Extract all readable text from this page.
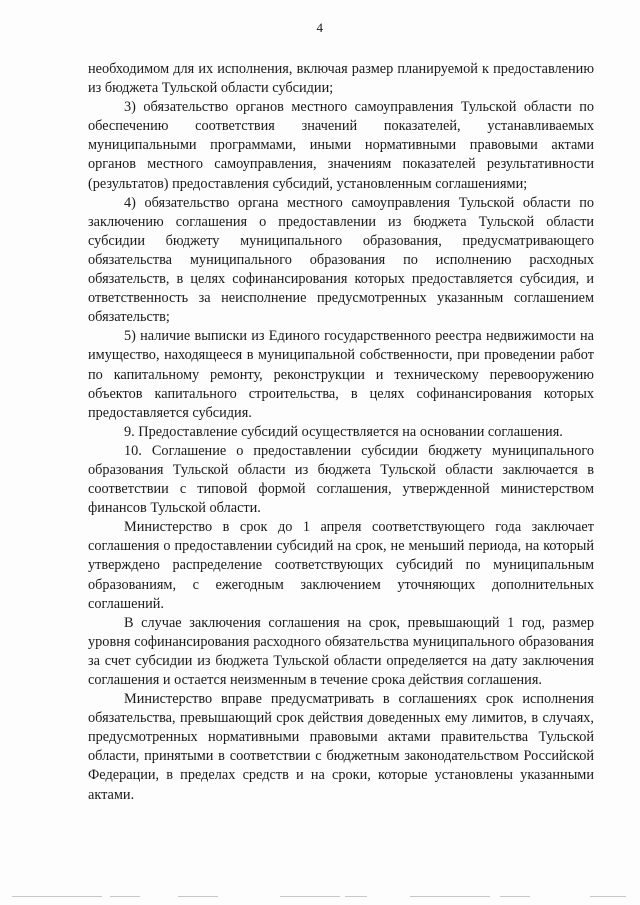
4

необходимом для их исполнения, включая размер планируемой к предоставлению из бюджета Тульской области субсидии;

3) обязательство органов местного самоуправления Тульской области по обеспечению соответствия значений показателей, устанавливаемых муниципальными программами, иными нормативными правовыми актами органов местного самоуправления, значениям показателей результативности (результатов) предоставления субсидий, установленным соглашениями;

4) обязательство органа местного самоуправления Тульской области по заключению соглашения о предоставлении из бюджета Тульской области субсидии бюджету муниципального образования, предусматривающего обязательства муниципального образования по исполнению расходных обязательств, в целях софинансирования которых предоставляется субсидия, и ответственность за неисполнение предусмотренных указанным соглашением обязательств;

5) наличие выписки из Единого государственного реестра недвижимости на имущество, находящееся в муниципальной собственности, при проведении работ по капитальному ремонту, реконструкции и техническому перевооружению объектов капитального строительства, в целях софинансирования которых предоставляется субсидия.

9. Предоставление субсидий осуществляется на основании соглашения.

10. Соглашение о предоставлении субсидии бюджету муниципального образования Тульской области из бюджета Тульской области заключается в соответствии с типовой формой соглашения, утвержденной министерством финансов Тульской области.

Министерство в срок до 1 апреля соответствующего года заключает соглашения о предоставлении субсидий на срок, не меньший периода, на который утверждено распределение соответствующих субсидий по муниципальным образованиям, с ежегодным заключением уточняющих дополнительных соглашений.

В случае заключения соглашения на срок, превышающий 1 год, размер уровня софинансирования расходного обязательства муниципального образования за счет субсидии из бюджета Тульской области определяется на дату заключения соглашения и остается неизменным в течение срока действия соглашения.

Министерство вправе предусматривать в соглашениях срок исполнения обязательства, превышающий срок действия доведенных ему лимитов, в случаях, предусмотренных нормативными правовыми актами правительства Тульской области, принятыми в соответствии с бюджетным законодательством Российской Федерации, в пределах средств и на сроки, которые установлены указанными актами.
